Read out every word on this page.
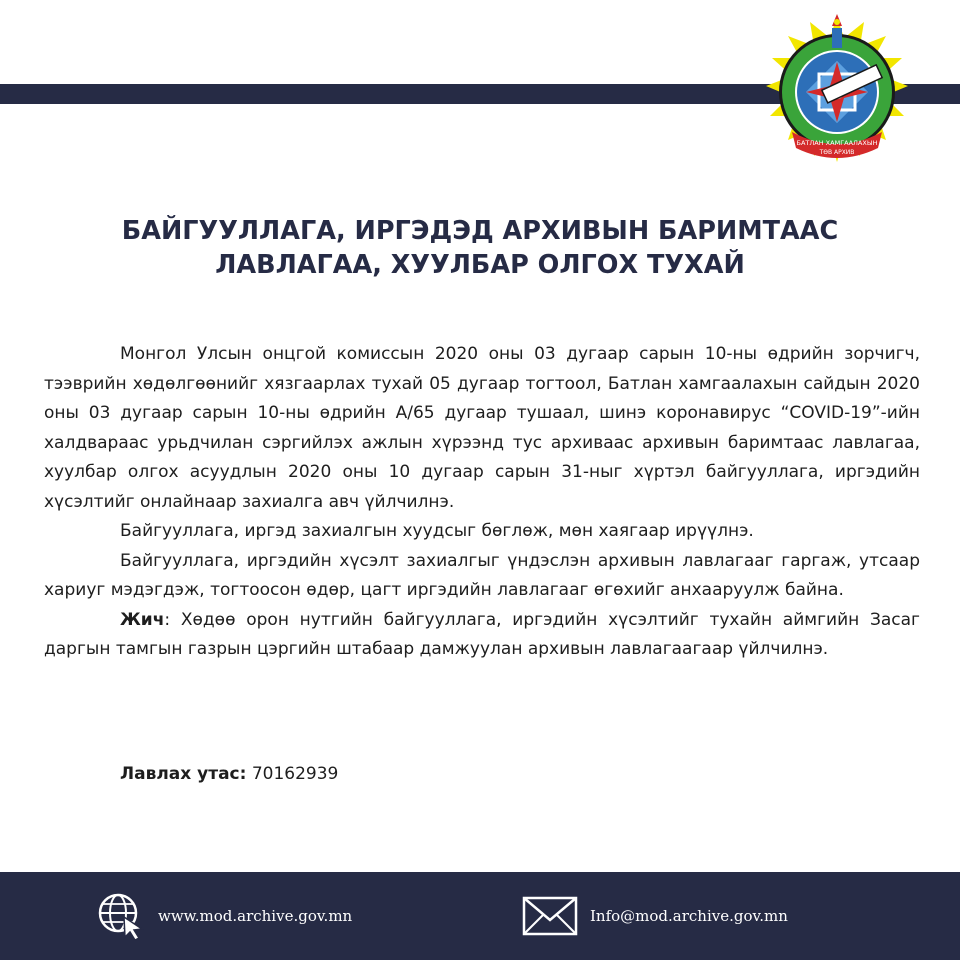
БАТЛАН ХАМГААЛАХЫН
ТӨВ АРХИВ
БАЙГУУЛЛАГА, ИРГЭДЭД АРХИВЫН БАРИМТААС
ЛАВЛАГАА, ХУУЛБАР ОЛГОХ ТУХАЙ

Монгол Улсын онцгой комиссын 2020 оны 03 дугаар сарын 10-ны өдрийн зорчигч, тээврийн хөдөлгөөнийг хязгаарлах тухай 05 дугаар тогтоол, Батлан хамгаалахын сайдын 2020 оны 03 дугаар сарын 10-ны өдрийн А/65 дугаар тушаал, шинэ коронавирус “COVID-19”-ийн халдвараас урьдчилан сэргийлэх ажлын хүрээнд тус архиваас архивын баримтаас лавлагаа, хуулбар олгох асуудлын 2020 оны 10 дугаар сарын 31-ныг хүртэл байгууллага, иргэдийн хүсэлтийг онлайнаар захиалга авч үйлчилнэ.

Байгууллага, иргэд захиалгын хуудсыг бөглөж, мөн хаягаар ирүүлнэ.

Байгууллага, иргэдийн хүсэлт захиалгыг үндэслэн архивын лавлагааг гаргаж, утсаар хариуг мэдэгдэж, тогтоосон өдөр, цагт иргэдийн лавлагааг өгөхийг анхааруулж байна.

Жич: Хөдөө орон нутгийн байгууллага, иргэдийн хүсэлтийг тухайн аймгийн Засаг даргын тамгын газрын цэргийн штабаар дамжуулан архивын лавлагаагаар үйлчилнэ.

Лавлах утас: 70162939
www.mod.archive.gov.mn	Info@mod.archive.gov.mn
